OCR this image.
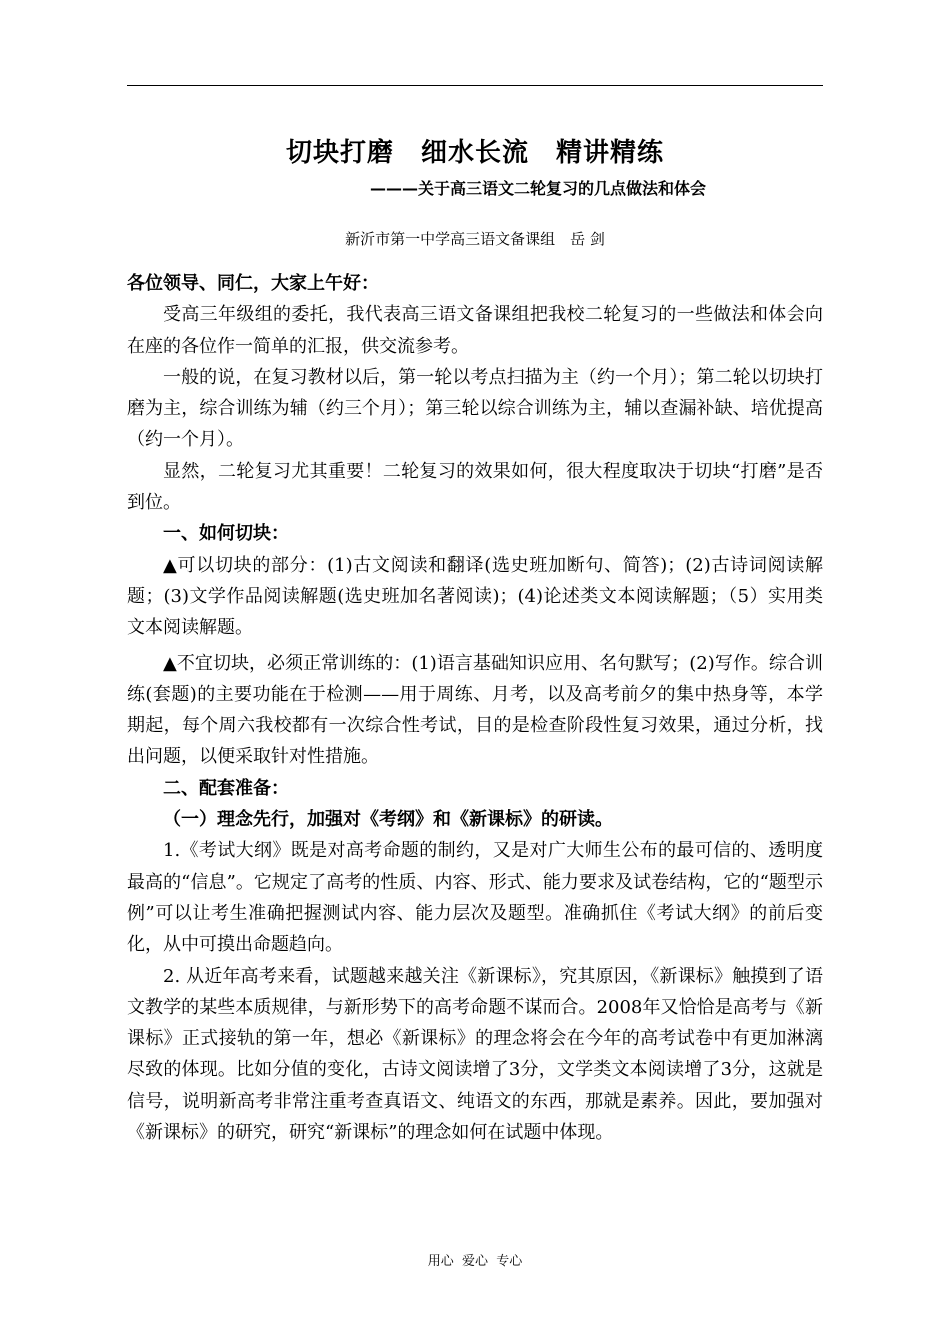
切块打磨　细水长流　精讲精练
———关于高三语文二轮复习的几点做法和体会
新沂市第一中学高三语文备课组　岳 剑

各位领导、同仁，大家上午好：

受高三年级组的委托，我代表高三语文备课组把我校二轮复习的一些做法和体会向在座的各位作一简单的汇报，供交流参考。

一般的说，在复习教材以后，第一轮以考点扫描为主（约一个月）；第二轮以切块打磨为主，综合训练为辅（约三个月）；第三轮以综合训练为主，辅以查漏补缺、培优提高（约一个月）。

显然，二轮复习尤其重要！二轮复习的效果如何，很大程度取决于切块“打磨”是否到位。

一、如何切块：

▲可以切块的部分：(1)古文阅读和翻译(选史班加断句、简答)；(2)古诗词阅读解题；(3)文学作品阅读解题(选史班加名著阅读)；(4)论述类文本阅读解题；（5）实用类文本阅读解题。

▲不宜切块，必须正常训练的：(1)语言基础知识应用、名句默写；(2)写作。综合训练(套题)的主要功能在于检测——用于周练、月考，以及高考前夕的集中热身等，本学期起，每个周六我校都有一次综合性考试，目的是检查阶段性复习效果，通过分析，找出问题，以便采取针对性措施。

二、配套准备：

（一）理念先行，加强对《考纲》和《新课标》的研读。

1.《考试大纲》既是对高考命题的制约，又是对广大师生公布的最可信的、透明度最高的“信息”。它规定了高考的性质、内容、形式、能力要求及试卷结构，它的“题型示例”可以让考生准确把握测试内容、能力层次及题型。准确抓住《考试大纲》的前后变化，从中可摸出命题趋向。

2. 从近年高考来看，试题越来越关注《新课标》，究其原因，《新课标》触摸到了语文教学的某些本质规律，与新形势下的高考命题不谋而合。2008年又恰恰是高考与《新课标》正式接轨的第一年，想必《新课标》的理念将会在今年的高考试卷中有更加淋漓尽致的体现。比如分值的变化，古诗文阅读增了3分，文学类文本阅读增了3分，这就是信号，说明新高考非常注重考查真语文、纯语文的东西，那就是素养。因此，要加强对《新课标》的研究，研究“新课标”的理念如何在试题中体现。

用心  爱心  专心
